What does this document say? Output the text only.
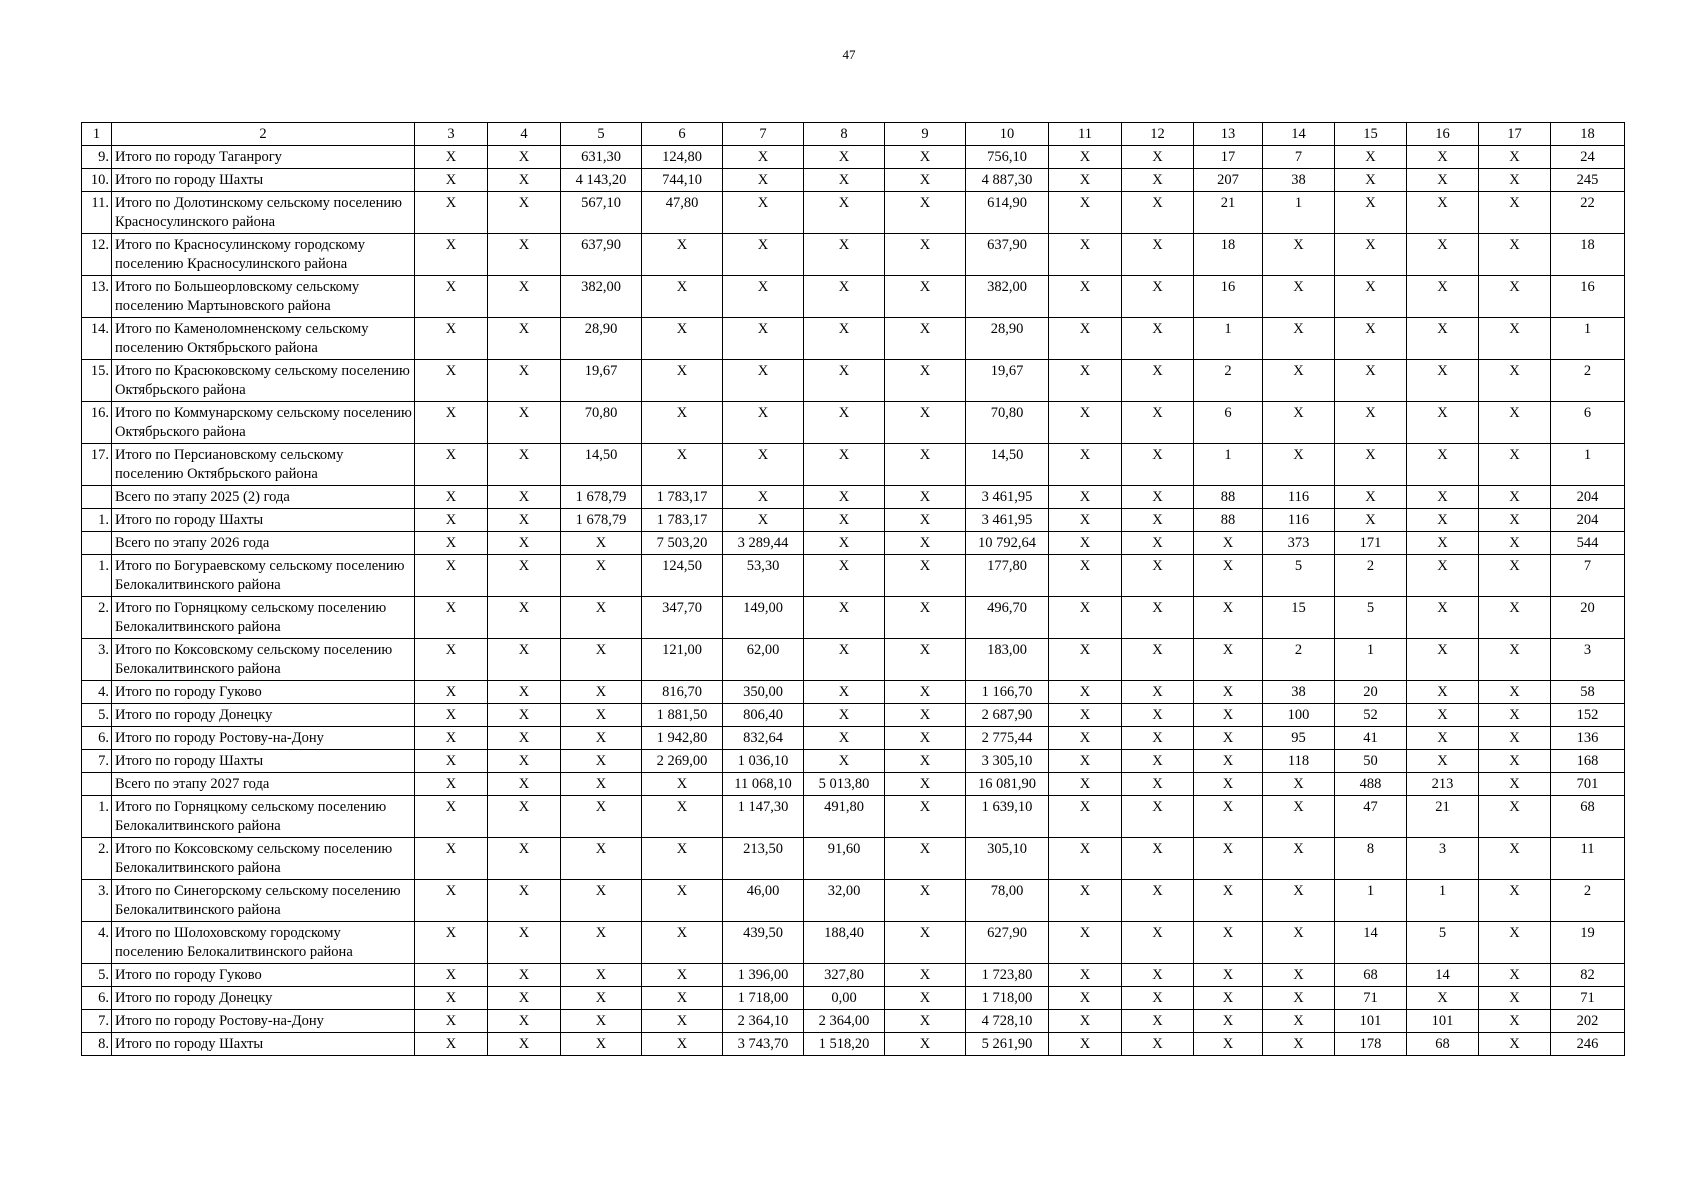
47
1	2	3	4	5	6	7	8	9	10	11	12	13	14	15	16	17	18
9.	Итого по городу Таганрогу	X	X	631,30	124,80	X	X	X	756,10	X	X	17	7	X	X	X	24
10.	Итого по городу Шахты	X	X	4 143,20	744,10	X	X	X	4 887,30	X	X	207	38	X	X	X	245
11.	Итого по Долотинскому сельскому поселению Красносулинского района	X	X	567,10	47,80	X	X	X	614,90	X	X	21	1	X	X	X	22
12.	Итого по Красносулинскому городскому поселению Красносулинского района	X	X	637,90	X	X	X	X	637,90	X	X	18	X	X	X	X	18
13.	Итого по Большеорловскому сельскому поселению Мартыновского района	X	X	382,00	X	X	X	X	382,00	X	X	16	X	X	X	X	16
14.	Итого по Каменоломненскому сельскому поселению Октябрьского района	X	X	28,90	X	X	X	X	28,90	X	X	1	X	X	X	X	1
15.	Итого по Красюковскому сельскому поселению Октябрьского района	X	X	19,67	X	X	X	X	19,67	X	X	2	X	X	X	X	2
16.	Итого по Коммунарскому сельскому поселению Октябрьского района	X	X	70,80	X	X	X	X	70,80	X	X	6	X	X	X	X	6
17.	Итого по Персиановскому сельскому поселению Октябрьского района	X	X	14,50	X	X	X	X	14,50	X	X	1	X	X	X	X	1
	Всего по этапу 2025 (2) года	X	X	1 678,79	1 783,17	X	X	X	3 461,95	X	X	88	116	X	X	X	204
1.	Итого по городу Шахты	X	X	1 678,79	1 783,17	X	X	X	3 461,95	X	X	88	116	X	X	X	204
	Всего по этапу 2026 года	X	X	X	7 503,20	3 289,44	X	X	10 792,64	X	X	X	373	171	X	X	544
1.	Итого по Богураевскому сельскому поселению Белокалитвинского района	X	X	X	124,50	53,30	X	X	177,80	X	X	X	5	2	X	X	7
2.	Итого по Горняцкому сельскому поселению Белокалитвинского района	X	X	X	347,70	149,00	X	X	496,70	X	X	X	15	5	X	X	20
3.	Итого по Коксовскому сельскому поселению Белокалитвинского района	X	X	X	121,00	62,00	X	X	183,00	X	X	X	2	1	X	X	3
4.	Итого по городу Гуково	X	X	X	816,70	350,00	X	X	1 166,70	X	X	X	38	20	X	X	58
5.	Итого по городу Донецку	X	X	X	1 881,50	806,40	X	X	2 687,90	X	X	X	100	52	X	X	152
6.	Итого по городу Ростову-на-Дону	X	X	X	1 942,80	832,64	X	X	2 775,44	X	X	X	95	41	X	X	136
7.	Итого по городу Шахты	X	X	X	2 269,00	1 036,10	X	X	3 305,10	X	X	X	118	50	X	X	168
	Всего по этапу 2027 года	X	X	X	X	11 068,10	5 013,80	X	16 081,90	X	X	X	X	488	213	X	701
1.	Итого по Горняцкому сельскому поселению Белокалитвинского района	X	X	X	X	1 147,30	491,80	X	1 639,10	X	X	X	X	47	21	X	68
2.	Итого по Коксовскому сельскому поселению Белокалитвинского района	X	X	X	X	213,50	91,60	X	305,10	X	X	X	X	8	3	X	11
3.	Итого по Синегорскому сельскому поселению Белокалитвинского района	X	X	X	X	46,00	32,00	X	78,00	X	X	X	X	1	1	X	2
4.	Итого по Шолоховскому городскому поселению Белокалитвинского района	X	X	X	X	439,50	188,40	X	627,90	X	X	X	X	14	5	X	19
5.	Итого по городу Гуково	X	X	X	X	1 396,00	327,80	X	1 723,80	X	X	X	X	68	14	X	82
6.	Итого по городу Донецку	X	X	X	X	1 718,00	0,00	X	1 718,00	X	X	X	X	71	X	X	71
7.	Итого по городу Ростову-на-Дону	X	X	X	X	2 364,10	2 364,00	X	4 728,10	X	X	X	X	101	101	X	202
8.	Итого по городу Шахты	X	X	X	X	3 743,70	1 518,20	X	5 261,90	X	X	X	X	178	68	X	246
